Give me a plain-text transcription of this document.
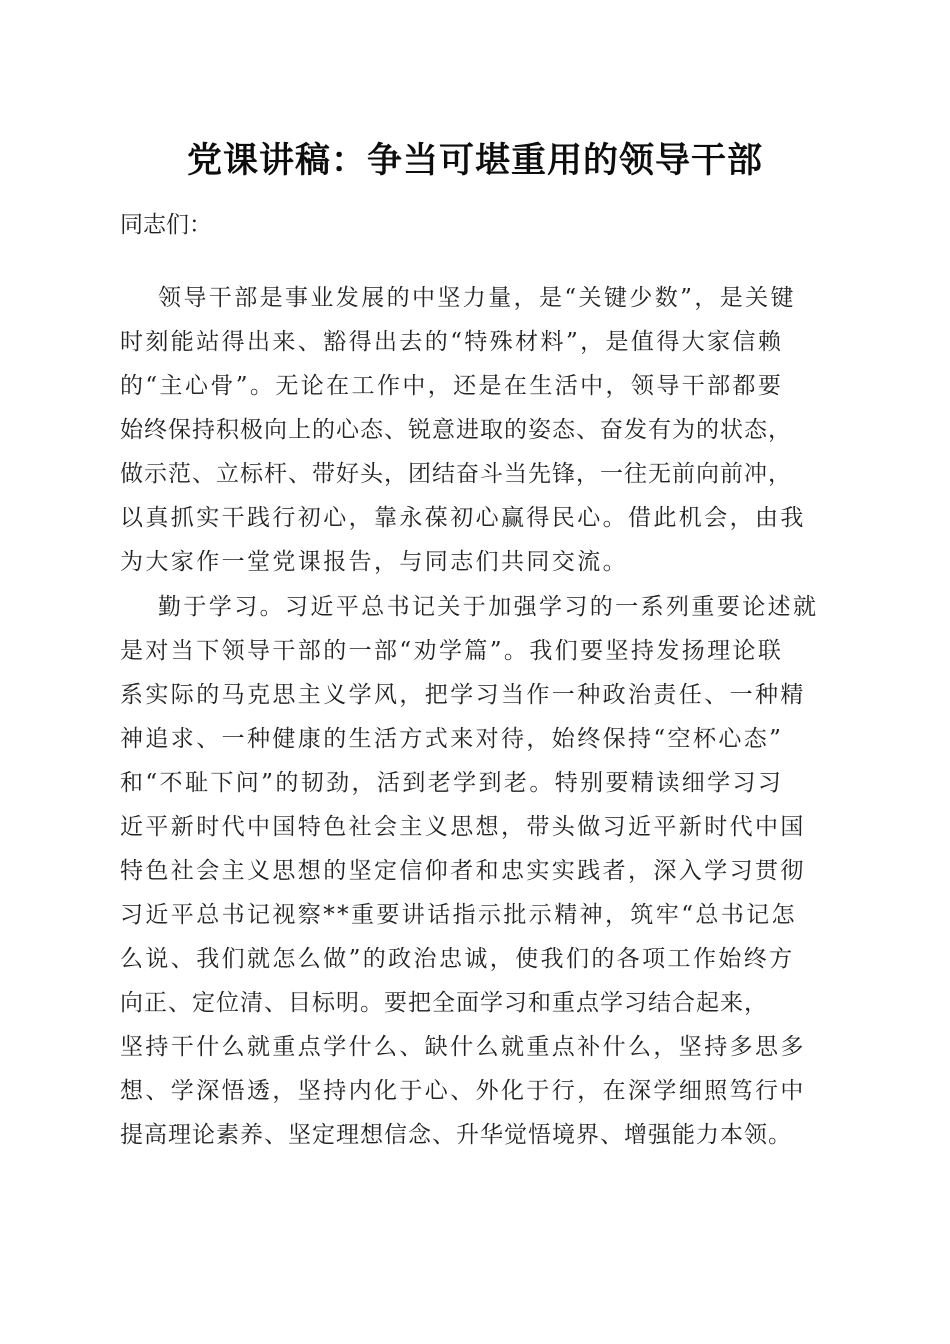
党课讲稿：争当可堪重用的领导干部

同志们：

领导干部是事业发展的中坚力量，是“关键少数”，是关键

时刻能站得出来、豁得出去的“特殊材料”，是值得大家信赖

的“主心骨”。无论在工作中，还是在生活中，领导干部都要

始终保持积极向上的心态、锐意进取的姿态、奋发有为的状态，

做示范、立标杆、带好头，团结奋斗当先锋，一往无前向前冲，

以真抓实干践行初心，靠永葆初心赢得民心。借此机会，由我

为大家作一堂党课报告，与同志们共同交流。

勤于学习。习近平总书记关于加强学习的一系列重要论述就

是对当下领导干部的一部“劝学篇”。我们要坚持发扬理论联

系实际的马克思主义学风，把学习当作一种政治责任、一种精

神追求、一种健康的生活方式来对待，始终保持“空杯心态”

和“不耻下问”的韧劲，活到老学到老。特别要精读细学习习

近平新时代中国特色社会主义思想，带头做习近平新时代中国

特色社会主义思想的坚定信仰者和忠实实践者，深入学习贯彻

习近平总书记视察**重要讲话指示批示精神，筑牢“总书记怎

么说、我们就怎么做”的政治忠诚，使我们的各项工作始终方

向正、定位清、目标明。要把全面学习和重点学习结合起来，

坚持干什么就重点学什么、缺什么就重点补什么，坚持多思多

想、学深悟透，坚持内化于心、外化于行，在深学细照笃行中

提高理论素养、坚定理想信念、升华觉悟境界、增强能力本领。
